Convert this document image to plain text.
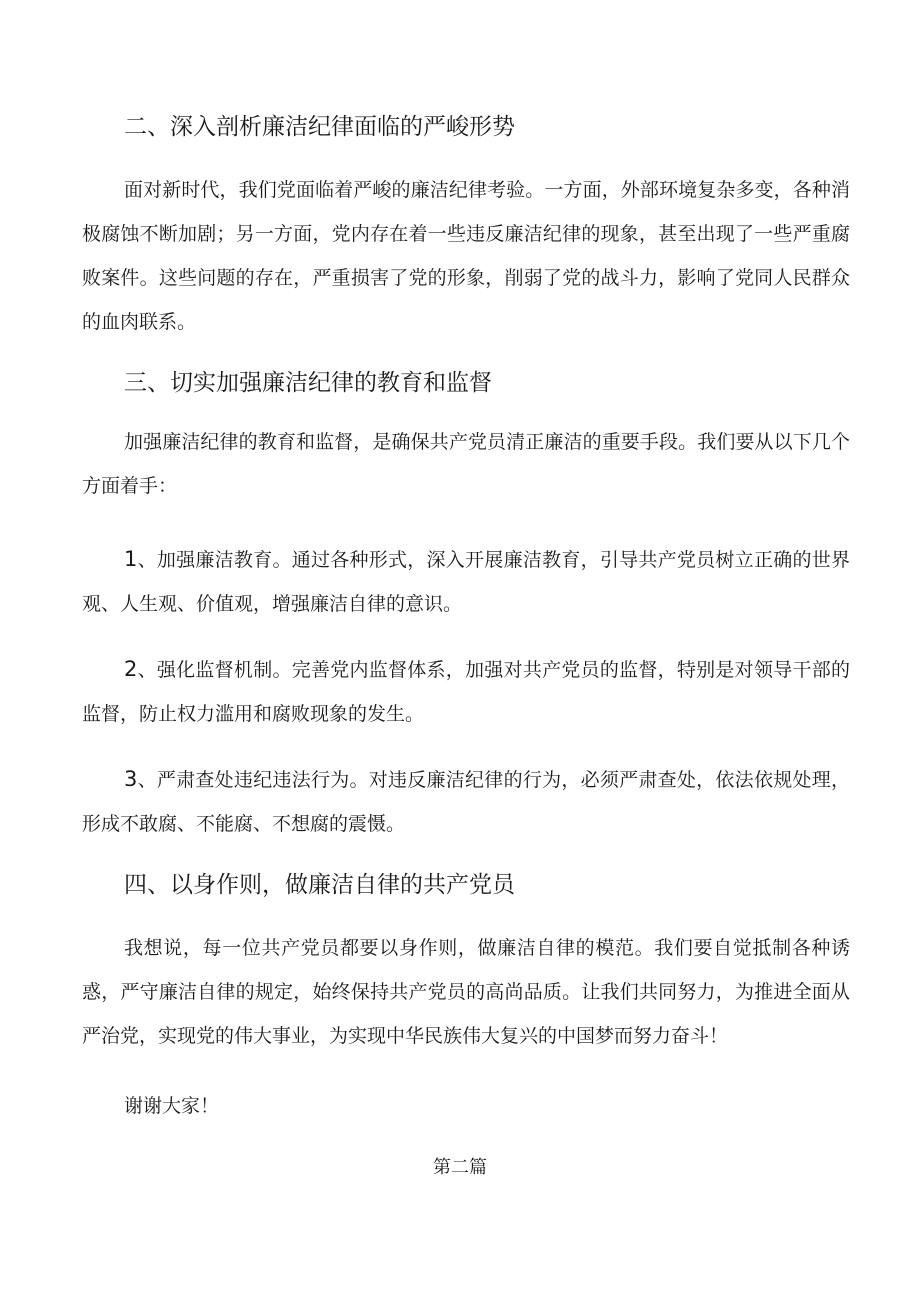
二、深入剖析廉洁纪律面临的严峻形势

面对新时代，我们党面临着严峻的廉洁纪律考验。一方面，外部环境复杂多变，各种消极腐蚀不断加剧；另一方面，党内存在着一些违反廉洁纪律的现象，甚至出现了一些严重腐败案件。这些问题的存在，严重损害了党的形象，削弱了党的战斗力，影响了党同人民群众的血肉联系。

三、切实加强廉洁纪律的教育和监督

加强廉洁纪律的教育和监督，是确保共产党员清正廉洁的重要手段。我们要从以下几个方面着手：

1、加强廉洁教育。通过各种形式，深入开展廉洁教育，引导共产党员树立正确的世界观、人生观、价值观，增强廉洁自律的意识。

2、强化监督机制。完善党内监督体系，加强对共产党员的监督，特别是对领导干部的监督，防止权力滥用和腐败现象的发生。

3、严肃查处违纪违法行为。对违反廉洁纪律的行为，必须严肃查处，依法依规处理，形成不敢腐、不能腐、不想腐的震慑。

四、以身作则，做廉洁自律的共产党员

我想说，每一位共产党员都要以身作则，做廉洁自律的模范。我们要自觉抵制各种诱惑，严守廉洁自律的规定，始终保持共产党员的高尚品质。让我们共同努力，为推进全面从严治党，实现党的伟大事业，为实现中华民族伟大复兴的中国梦而努力奋斗！

谢谢大家！

第二篇
